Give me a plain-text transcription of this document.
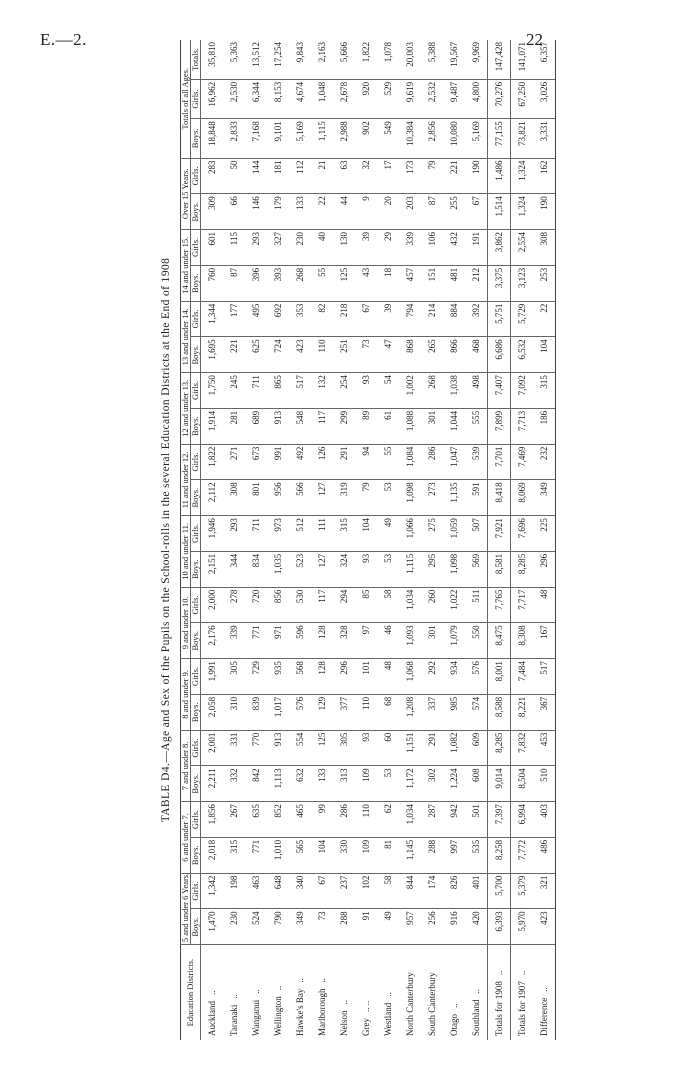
E.—2.	22
TABLE D4.—Age and Sex of the Pupils on the School-rolls in the several Education Districts at the End of 1908
Education Districts.	5 and under 6 Years.		6 and under 7.		7 and under 8.		8 and under 9.		9 and under 10.		10 and under 11.		11 and under 12.		12 and under 13.		13 and under 14.		14 and under 15.		Over 15 Years.		Totals of all Ages.		
	Boys.	Girls.	Boys.	Girls.	Boys.	Girls.	Boys.	Girls.	Boys.	Girls.	Boys.	Girls.	Boys.	Girls.	Boys.	Girls.	Boys.	Girls.	Boys.	Girls.	Boys.	Girls.	Boys.	Girls.	Totals.
Auckland..	1,470	1,342	2,018	1,856	2,211	2,001	2,058	1,991	2,176	2,000	2,151	1,946	2,112	1,822	1,914	1,750	1,695	1,344	760	601	309	283	18,848	16,962	35,810
Taranaki..	230	198	315	267	332	331	310	305	339	278	344	293	308	271	281	245	221	177	87	115	66	50	2,833	2,530	5,363
Wanganui..	524	463	771	635	842	770	839	729	771	720	834	711	801	673	689	711	625	495	396	293	146	144	7,168	6,344	13,512
Wellington..	790	648	1,010	852	1,113	913	1,017	935	971	856	1,035	973	956	991	913	865	724	692	393	327	179	181	9,101	8,153	17,254
Hawke's Bay..	349	340	565	465	632	554	576	568	596	530	523	512	566	492	548	517	423	353	268	230	133	112	5,169	4,674	9,843
Marlborough..	73	67	104	99	133	125	129	128	128	117	127	111	127	126	117	132	110	82	55	40	22	21	1,115	1,048	2,163
Nelson..	288	237	330	286	313	305	377	296	328	294	324	315	319	291	299	254	251	218	125	130	44	63	2,988	2,678	5,666
Grey.. ..	91	102	109	110	109	93	110	101	97	85	93	104	79	94	89	93	73	67	43	39	9	32	902	920	1,822
Westland..	49	58	81	62	53	60	68	48	46	58	53	49	53	55	61	54	47	39	18	29	20	17	549	529	1,078
North Canterbury	957	844	1,145	1,034	1,172	1,151	1,208	1,068	1,093	1,034	1,115	1,066	1,098	1,084	1,088	1,002	868	794	457	339	203	173	10,384	9,619	20,003
South Canterbury	256	174	288	287	302	291	337	292	301	260	295	275	273	286	301	268	265	214	151	106	87	79	2,856	2,532	5,388
Otago..	916	826	997	942	1,224	1,082	985	934	1,079	1,022	1,098	1,059	1,135	1,047	1,044	1,038	866	884	481	432	255	221	10,080	9,487	19,567
Southland..	420	401	535	501	608	609	574	576	550	511	569	507	591	539	555	498	468	392	212	191	67	190	5,169	4,800	9,969
Totals for 1908..	6,393	5,700	8,258	7,397	9,014	8,285	8,588	8,001	8,475	7,765	8,581	7,921	8,418	7,701	7,899	7,407	6,686	5,751	3,375	3,862	1,514	1,486	77,155	70,276	147,428
Totals for 1907..	5,970	5,379	7,772	6,994	8,504	7,832	8,221	7,484	8,308	7,717	8,285	7,696	8,069	7,469	7,713	7,092	6,532	5,729	3,123	2,554	1,324	1,324	73,821	67,250	141,071
Difference..	423	321	486	403	510	453	367	517	167	48	296	225	349	232	186	315	104	22	253	308	190	162	3,331	3,026	6,357
